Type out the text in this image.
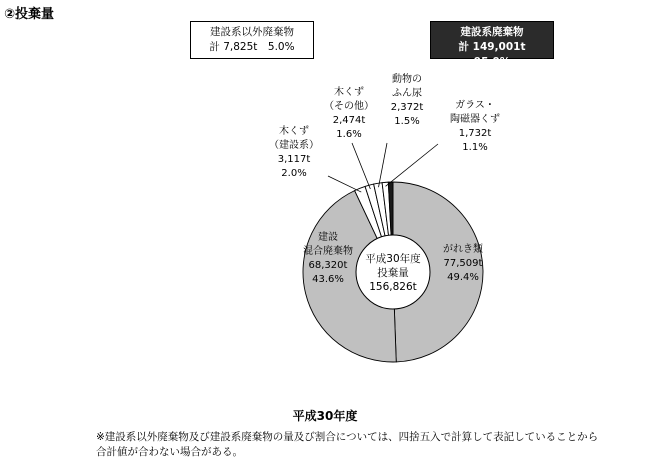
②投棄量
建設系以外廃棄物
計 7,825t　5.0%
建設系廃棄物
計 149,001t　95.0%
平成30年度
投棄量
156,826t
がれき類
77,509t
49.4%
建設
混合廃棄物
68,320t
43.6%
木くず
（建設系）
3,117t
2.0%
木くず
（その他）
2,474t
1.6%
動物の
ふん尿
2,372t
1.5%
ガラス・
陶磁器くず
1,732t
1.1%
平成30年度
※建設系以外廃棄物及び建設系廃棄物の量及び割合については、四捨五入で計算して表記していることから
合計値が合わない場合がある。
